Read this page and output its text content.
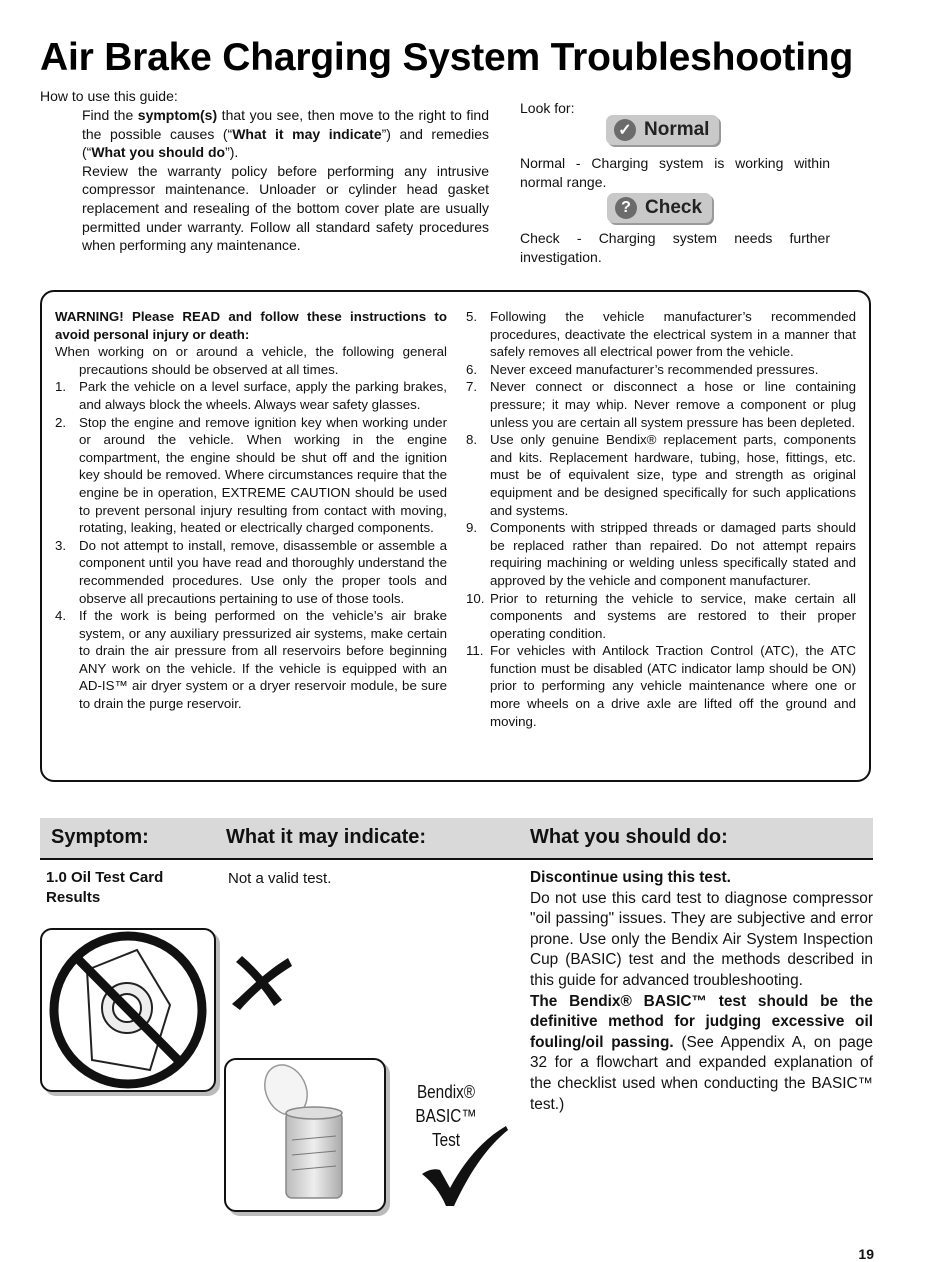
Air Brake Charging System Troubleshooting
How to use this guide:

Find the symptom(s) that you see, then move to the right to find the possible causes (“What it may indicate”) and remedies (“What you should do”).

Review the warranty policy before performing any intrusive compressor maintenance. Unloader or cylinder head gasket replacement and resealing of the bottom cover plate are usually permitted under warranty. Follow all standard safety procedures when performing any maintenance.

Look for:
✓ Normal
Normal - Charging system is working within normal range.
? Check
Check - Charging system needs further investigation.

WARNING! Please READ and follow these instructions to avoid personal injury or death:

When working on or around a vehicle, the following general precautions should be observed at all times.

1. Park the vehicle on a level surface, apply the parking brakes, and always block the wheels. Always wear safety glasses.
2. Stop the engine and remove ignition key when working under or around the vehicle. When working in the engine compartment, the engine should be shut off and the ignition key should be removed. Where circumstances require that the engine be in operation, EXTREME CAUTION should be used to prevent personal injury resulting from contact with moving, rotating, leaking, heated or electrically charged components.
3. Do not attempt to install, remove, disassemble or assemble a component until you have read and thoroughly understand the recommended procedures. Use only the proper tools and observe all precautions pertaining to use of those tools.
4. If the work is being performed on the vehicle’s air brake system, or any auxiliary pressurized air systems, make certain to drain the air pressure from all reservoirs before beginning ANY work on the vehicle. If the vehicle is equipped with an AD-IS™ air dryer system or a dryer reservoir module, be sure to drain the purge reservoir.
5. Following the vehicle manufacturer’s recommended procedures, deactivate the electrical system in a manner that safely removes all electrical power from the vehicle.
6. Never exceed manufacturer’s recommended pressures.
7. Never connect or disconnect a hose or line containing pressure; it may whip. Never remove a component or plug unless you are certain all system pressure has been depleted.
8. Use only genuine Bendix® replacement parts, components and kits. Replacement hardware, tubing, hose, fittings, etc. must be of equivalent size, type and strength as original equipment and be designed specifically for such applications and systems.
9. Components with stripped threads or damaged parts should be replaced rather than repaired. Do not attempt repairs requiring machining or welding unless specifically stated and approved by the vehicle and component manufacturer.
10. Prior to returning the vehicle to service, make certain all components and systems are restored to their proper operating condition.
11. For vehicles with Antilock Traction Control (ATC), the ATC function must be disabled (ATC indicator lamp should be ON) prior to performing any vehicle maintenance where one or more wheels on a drive axle are lifted off the ground and moving.
Symptom:	What it may indicate:	What you should do:
1.0 Oil Test Card Results
Not a valid test.	Discontinue using this test.

Do not use this card test to diagnose compressor "oil passing" issues. They are subjective and error prone. Use only the Bendix Air System Inspection Cup (BASIC) test and the methods described in this guide for advanced troubleshooting.

The Bendix® BASIC™ test should be the definitive method for judging excessive oil fouling/oil passing. (See Appendix A, on page 32 for a flowchart and expanded explanation of the checklist used when conducting the BASIC™ test.)

Bendix®
BASIC™ Test
19
